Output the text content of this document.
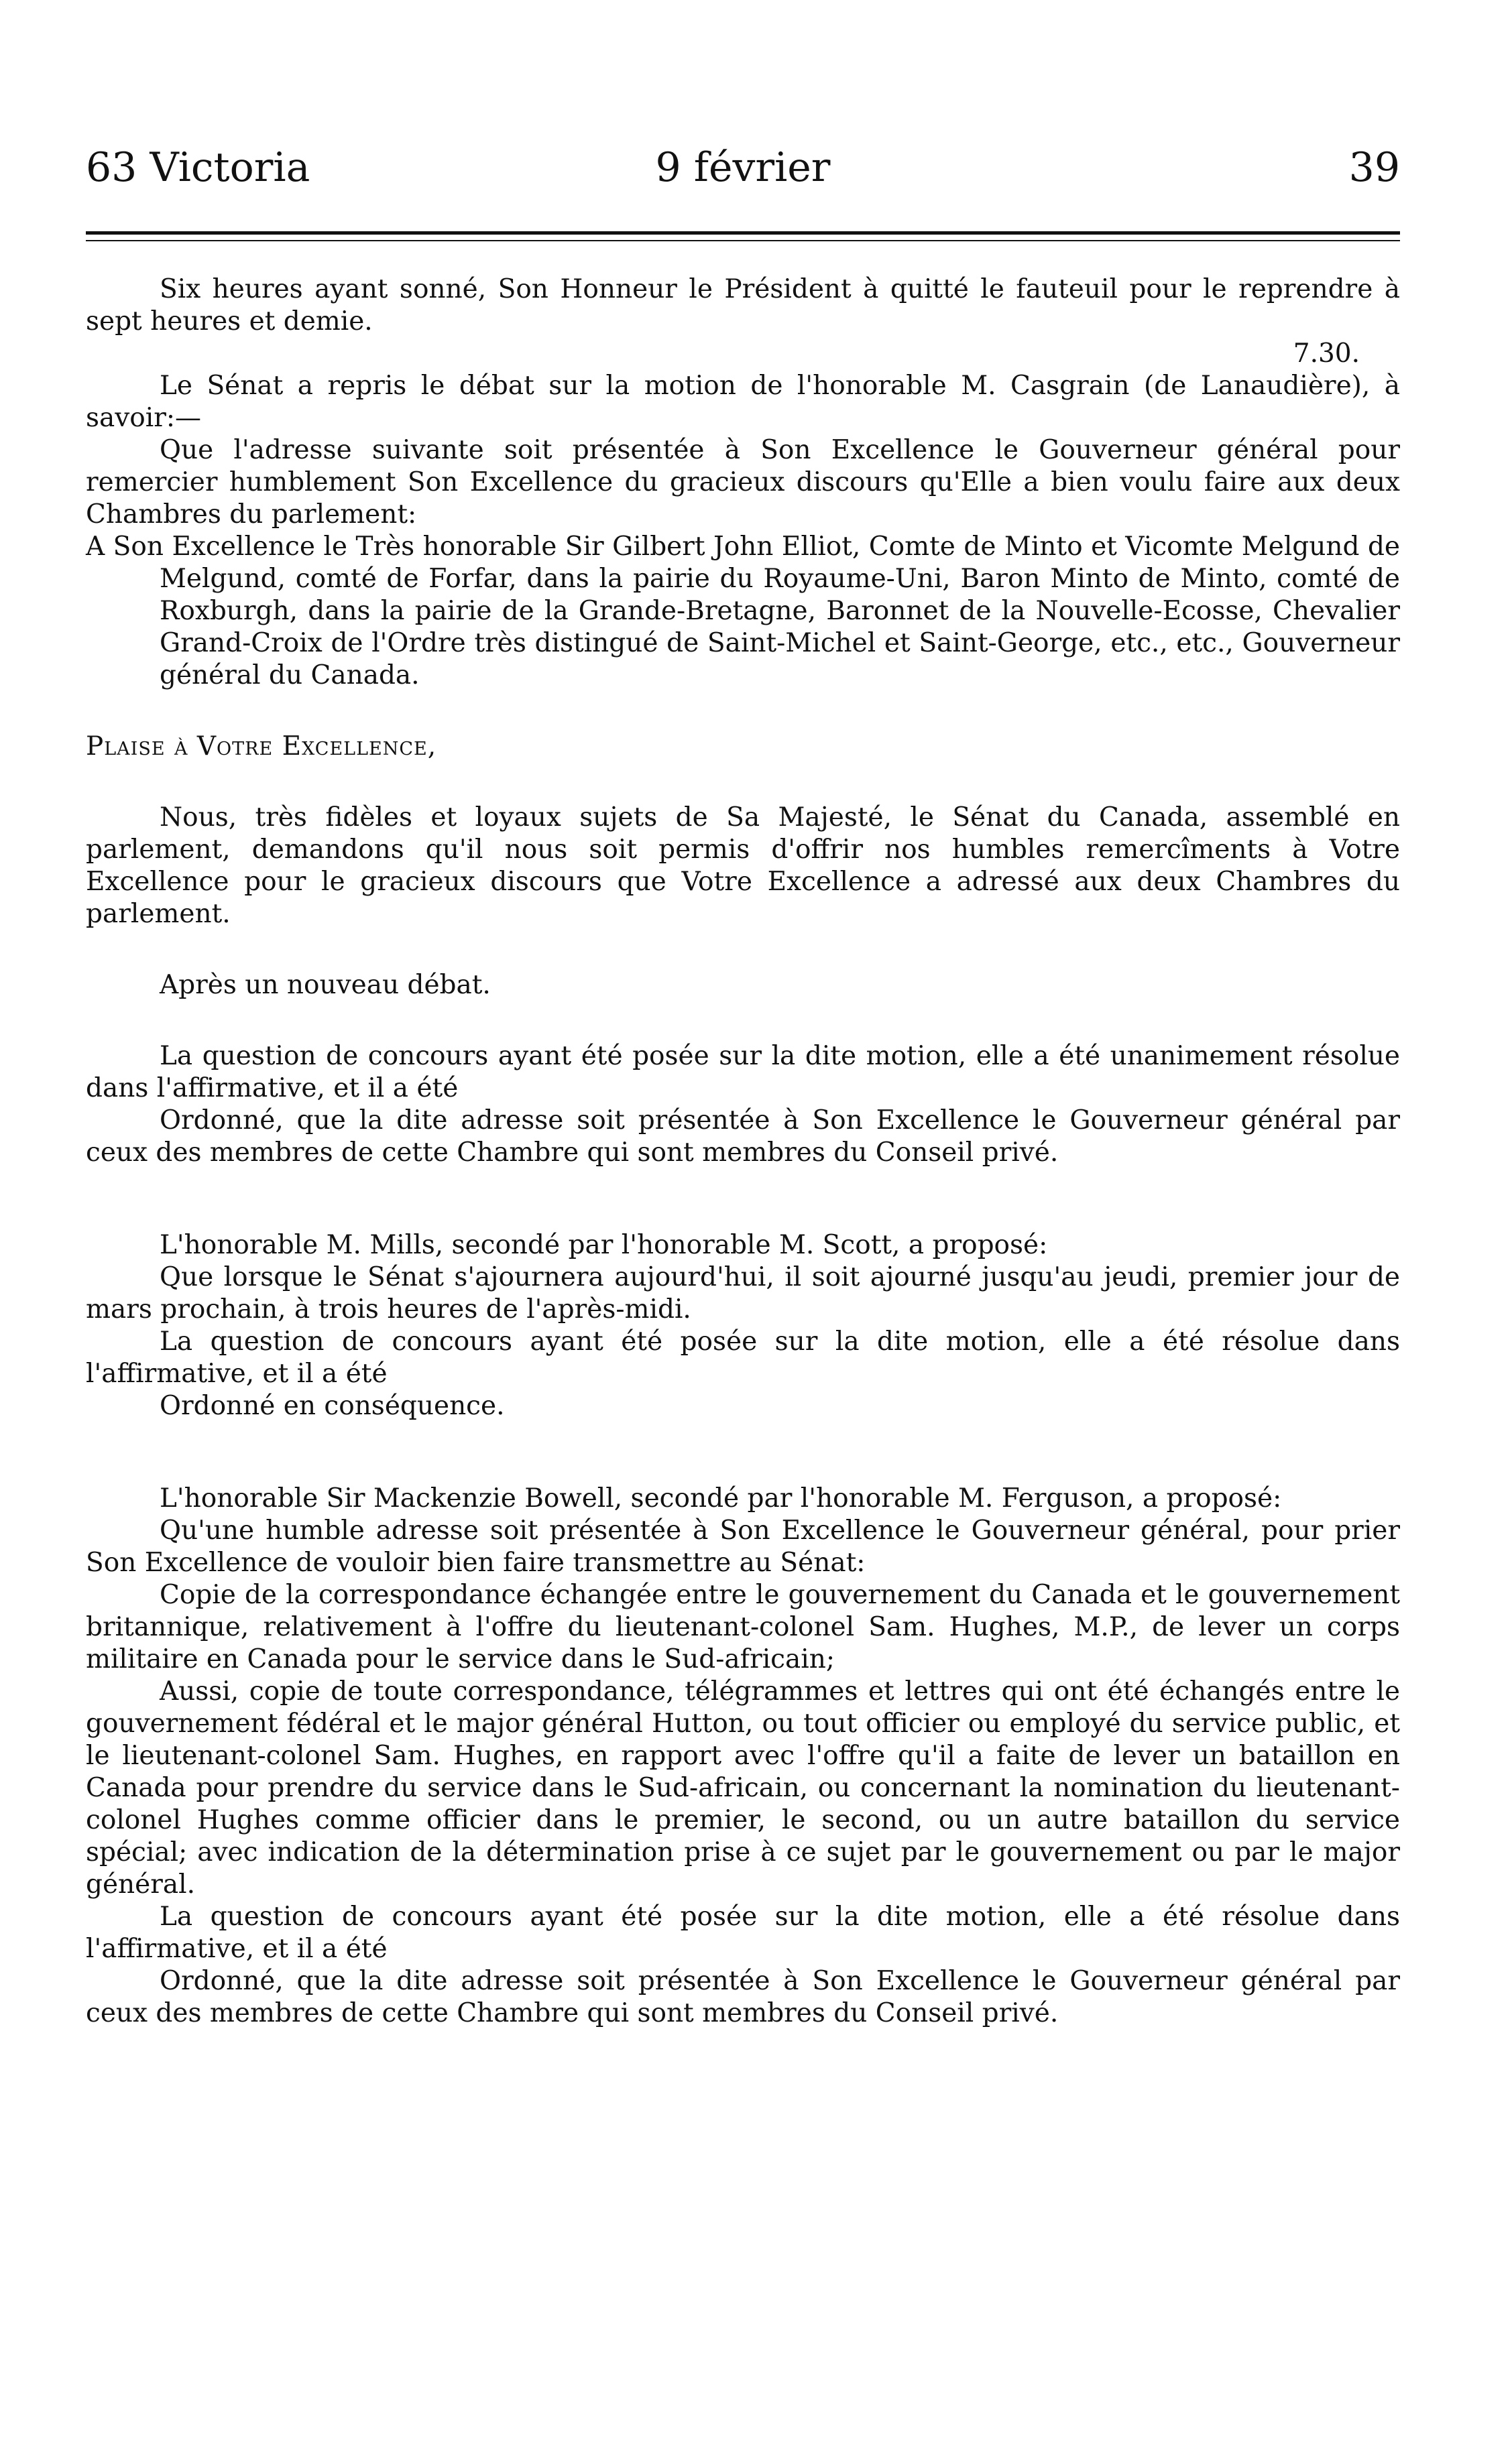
63 Victoria	9 février	39

Six heures ayant sonné, Son Honneur le Président à quitté le fauteuil pour le reprendre à sept heures et demie.

7.30.

Le Sénat a repris le débat sur la motion de l'honorable M. Casgrain (de Lanaudière), à savoir:—

Que l'adresse suivante soit présentée à Son Excellence le Gouverneur général pour remercier humblement Son Excellence du gracieux discours qu'Elle a bien voulu faire aux deux Chambres du parlement:

A Son Excellence le Très honorable Sir Gilbert John Elliot, Comte de Minto et Vicomte Melgund de Melgund, comté de Forfar, dans la pairie du Royaume-Uni, Baron Minto de Minto, comté de Roxburgh, dans la pairie de la Grande-Bretagne, Baronnet de la Nouvelle-Ecosse, Chevalier Grand-Croix de l'Ordre très distingué de Saint-Michel et Saint-George, etc., etc., Gouverneur général du Canada.

Plaise à Votre Excellence,

Nous, très fidèles et loyaux sujets de Sa Majesté, le Sénat du Canada, assemblé en parlement, demandons qu'il nous soit permis d'offrir nos humbles remercîments à Votre Excellence pour le gracieux discours que Votre Excellence a adressé aux deux Chambres du parlement.

Après un nouveau débat.

La question de concours ayant été posée sur la dite motion, elle a été unanimement résolue dans l'affirmative, et il a été

Ordonné, que la dite adresse soit présentée à Son Excellence le Gouverneur général par ceux des membres de cette Chambre qui sont membres du Conseil privé.

L'honorable M. Mills, secondé par l'honorable M. Scott, a proposé:

Que lorsque le Sénat s'ajournera aujourd'hui, il soit ajourné jusqu'au jeudi, premier jour de mars prochain, à trois heures de l'après-midi.

La question de concours ayant été posée sur la dite motion, elle a été résolue dans l'affirmative, et il a été

Ordonné en conséquence.

L'honorable Sir Mackenzie Bowell, secondé par l'honorable M. Ferguson, a proposé:

Qu'une humble adresse soit présentée à Son Excellence le Gouverneur général, pour prier Son Excellence de vouloir bien faire transmettre au Sénat:

Copie de la correspondance échangée entre le gouvernement du Canada et le gouvernement britannique, relativement à l'offre du lieutenant-colonel Sam. Hughes, M.P., de lever un corps militaire en Canada pour le service dans le Sud-africain;

Aussi, copie de toute correspondance, télégrammes et lettres qui ont été échangés entre le gouvernement fédéral et le major général Hutton, ou tout officier ou employé du service public, et le lieutenant-colonel Sam. Hughes, en rapport avec l'offre qu'il a faite de lever un bataillon en Canada pour prendre du service dans le Sud-africain, ou concernant la nomination du lieutenant-colonel Hughes comme officier dans le premier, le second, ou un autre bataillon du service spécial; avec indication de la détermination prise à ce sujet par le gouvernement ou par le major général.

La question de concours ayant été posée sur la dite motion, elle a été résolue dans l'affirmative, et il a été

Ordonné, que la dite adresse soit présentée à Son Excellence le Gouverneur général par ceux des membres de cette Chambre qui sont membres du Conseil privé.
